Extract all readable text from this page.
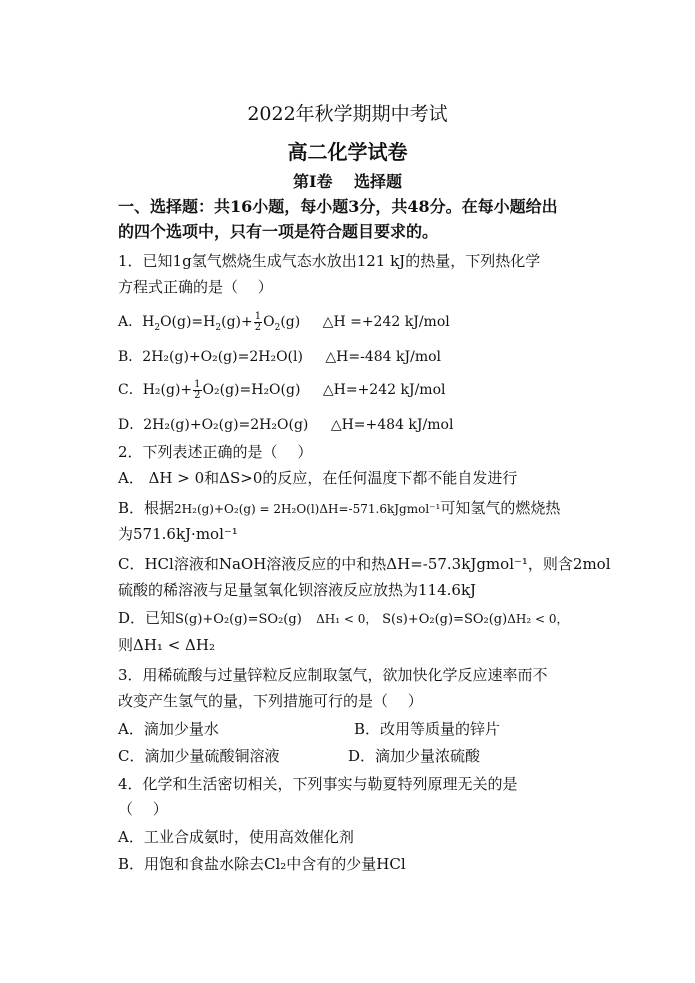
2022年秋学期期中考试
高二化学试卷
第Ⅰ卷　 选择题
一、选择题：共16小题，每小题3分，共48分。在每小题给出
的四个选项中，只有一项是符合题目要求的。
1．已知1g氢气燃烧生成气态水放出121 kJ的热量，下列热化学
方程式正确的是（　 ）
A．$H_2O(g)=H_2(g)+ \frac{1}{2} O_2(g)$ △H =+242 kJ/mol
B．2H₂(g)+O₂(g)=2H₂O(l) △H=-484 kJ/mol
C．$H_2(g)+ \frac{1}{2} O_2(g)=H_2O(g)$ △H=+242 kJ/mol
D．2H₂(g)+O₂(g)=2H₂O(g) △H=+484 kJ/mol
2．下列表述正确的是（　 ）
A． ΔH > 0和ΔS>0的反应，在任何温度下都不能自发进行
B．根据2H₂(g)+O₂(g) = 2H₂O(l)ΔH=-571.6kJgmol⁻¹可知氢气的燃烧热
为571.6kJ·mol⁻¹
C．HCl溶液和NaOH溶液反应的中和热ΔH=-57.3kJgmol⁻¹，则含2mol
硫酸的稀溶液与足量氢氧化钡溶液反应放热为114.6kJ
D．已知S(g)+O₂(g)=SO₂(g) ΔH₁ < 0， S(s)+O₂(g)=SO₂(g)ΔH₂ < 0，
则ΔH₁ < ΔH₂
3．用稀硫酸与过量锌粒反应制取氢气，欲加快化学反应速率而不
改变产生氢气的量，下列措施可行的是（　 ）
A．滴加少量水	B．改用等质量的锌片
C．滴加少量硫酸铜溶液	D．滴加少量浓硫酸
4．化学和生活密切相关，下列事实与勒夏特列原理无关的是
（　 ）
A．工业合成氨时，使用高效催化剂
B．用饱和食盐水除去Cl₂中含有的少量HCl
